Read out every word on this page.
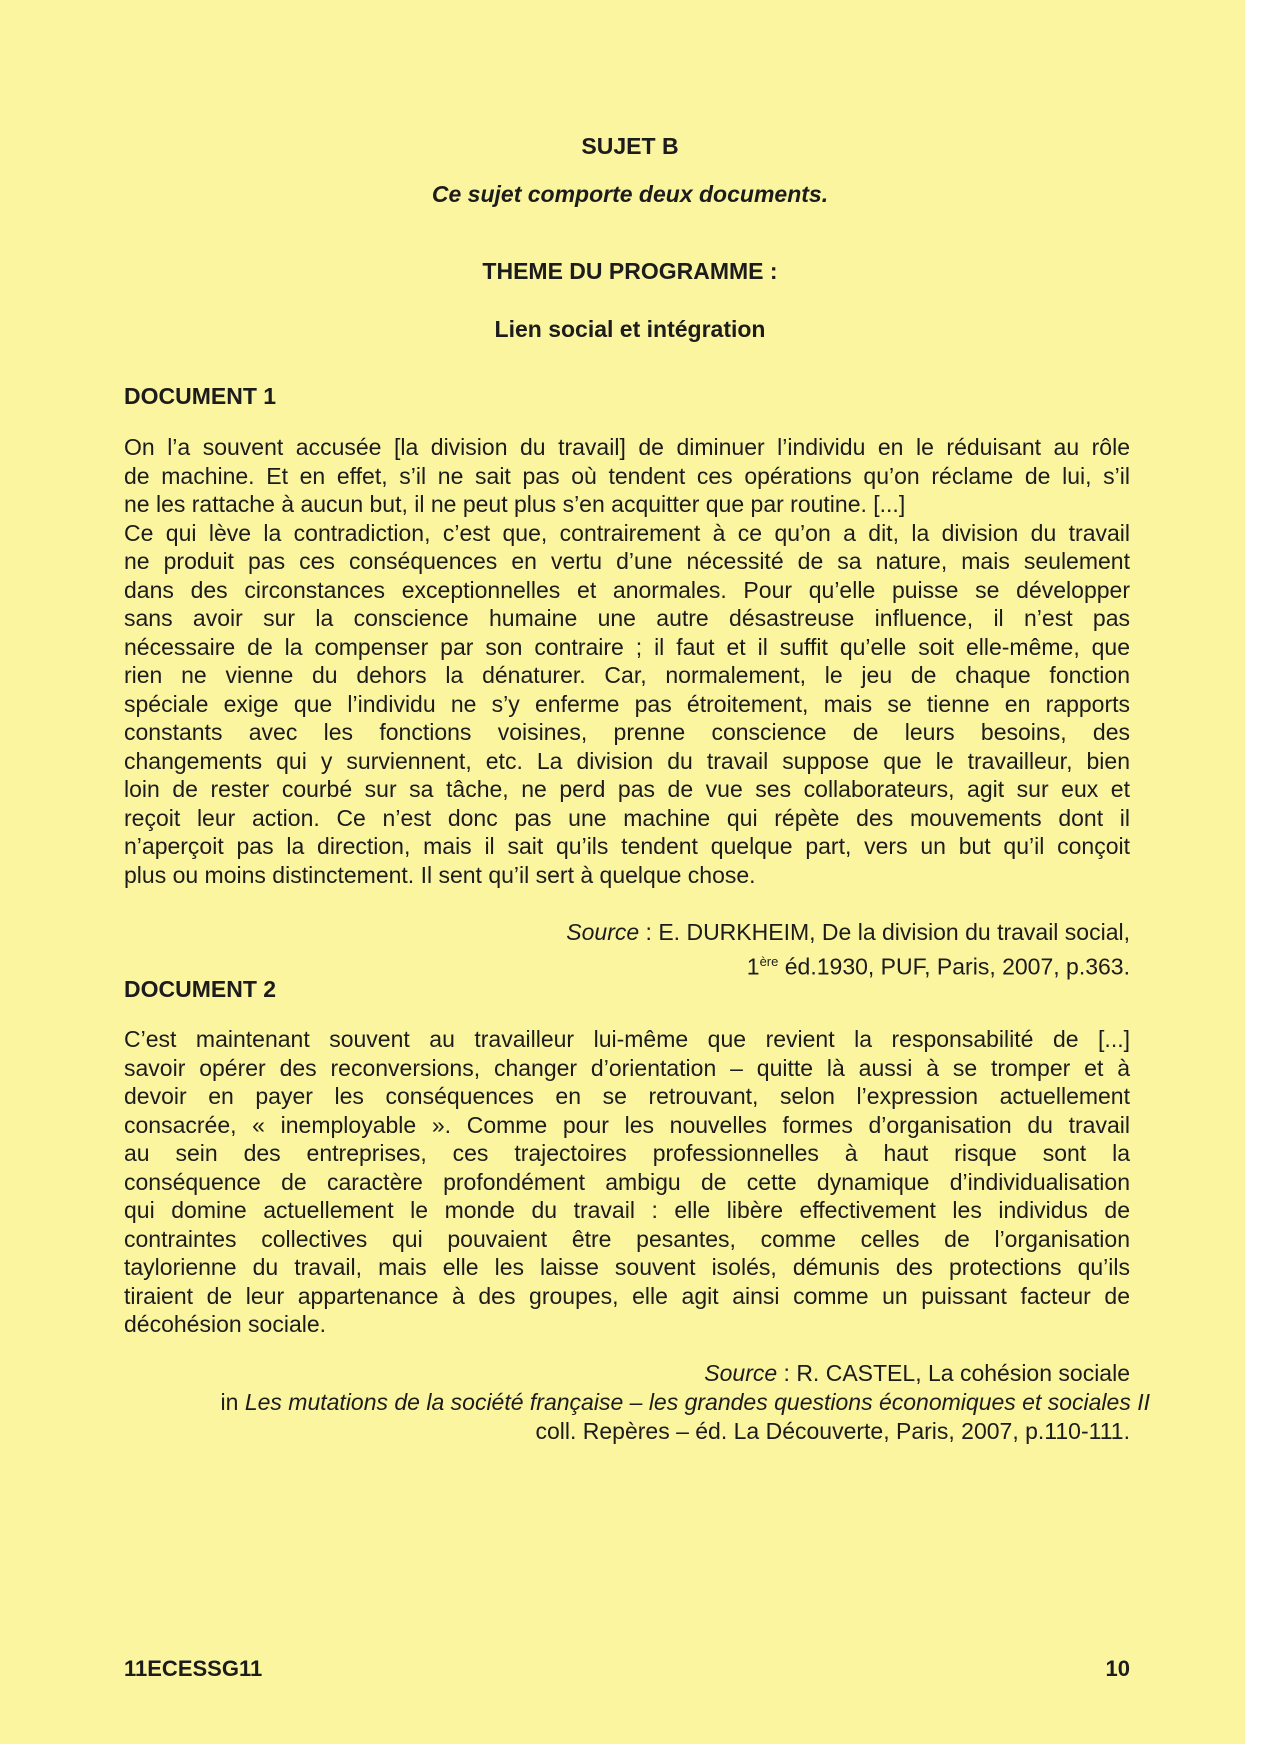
SUJET B
Ce sujet comporte deux documents.
THEME DU PROGRAMME :
Lien social et intégration
DOCUMENT 1
On l’a souvent accusée [la division du travail] de diminuer l’individu en le réduisant au rôle
de machine. Et en effet, s’il ne sait pas où tendent ces opérations qu’on réclame de lui, s’il
ne les rattache à aucun but, il ne peut plus s’en acquitter que par routine. [...]
Ce qui lève la contradiction, c’est que, contrairement à ce qu’on a dit, la division du travail
ne produit pas ces conséquences en vertu d’une nécessité de sa nature, mais seulement
dans des circonstances exceptionnelles et anormales. Pour qu’elle puisse se développer
sans avoir sur la conscience humaine une autre désastreuse influence, il n’est pas
nécessaire de la compenser par son contraire ; il faut et il suffit qu’elle soit elle-même, que
rien ne vienne du dehors la dénaturer. Car, normalement, le jeu de chaque fonction
spéciale exige que l’individu ne s’y enferme pas étroitement, mais se tienne en rapports
constants avec les fonctions voisines, prenne conscience de leurs besoins, des
changements qui y surviennent, etc. La division du travail suppose que le travailleur, bien
loin de rester courbé sur sa tâche, ne perd pas de vue ses collaborateurs, agit sur eux et
reçoit leur action. Ce n’est donc pas une machine qui répète des mouvements dont il
n’aperçoit pas la direction, mais il sait qu’ils tendent quelque part, vers un but qu’il conçoit
plus ou moins distinctement. Il sent qu’il sert à quelque chose.
Source : E. DURKHEIM, De la division du travail social,
1ère éd.1930, PUF, Paris, 2007, p.363.
DOCUMENT 2
C’est maintenant souvent au travailleur lui-même que revient la responsabilité de [...]
savoir opérer des reconversions, changer d’orientation – quitte là aussi à se tromper et à
devoir en payer les conséquences en se retrouvant, selon l’expression actuellement
consacrée, « inemployable ». Comme pour les nouvelles formes d’organisation du travail
au sein des entreprises, ces trajectoires professionnelles à haut risque sont la
conséquence de caractère profondément ambigu de cette dynamique d’individualisation
qui domine actuellement le monde du travail : elle libère effectivement les individus de
contraintes collectives qui pouvaient être pesantes, comme celles de l’organisation
taylorienne du travail, mais elle les laisse souvent isolés, démunis des protections qu’ils
tiraient de leur appartenance à des groupes, elle agit ainsi comme un puissant facteur de
décohésion sociale.
Source : R. CASTEL, La cohésion sociale
in Les mutations de la société française – les grandes questions économiques et sociales II
coll. Repères – éd. La Découverte, Paris, 2007, p.110-111.
11ECESSG11	10
